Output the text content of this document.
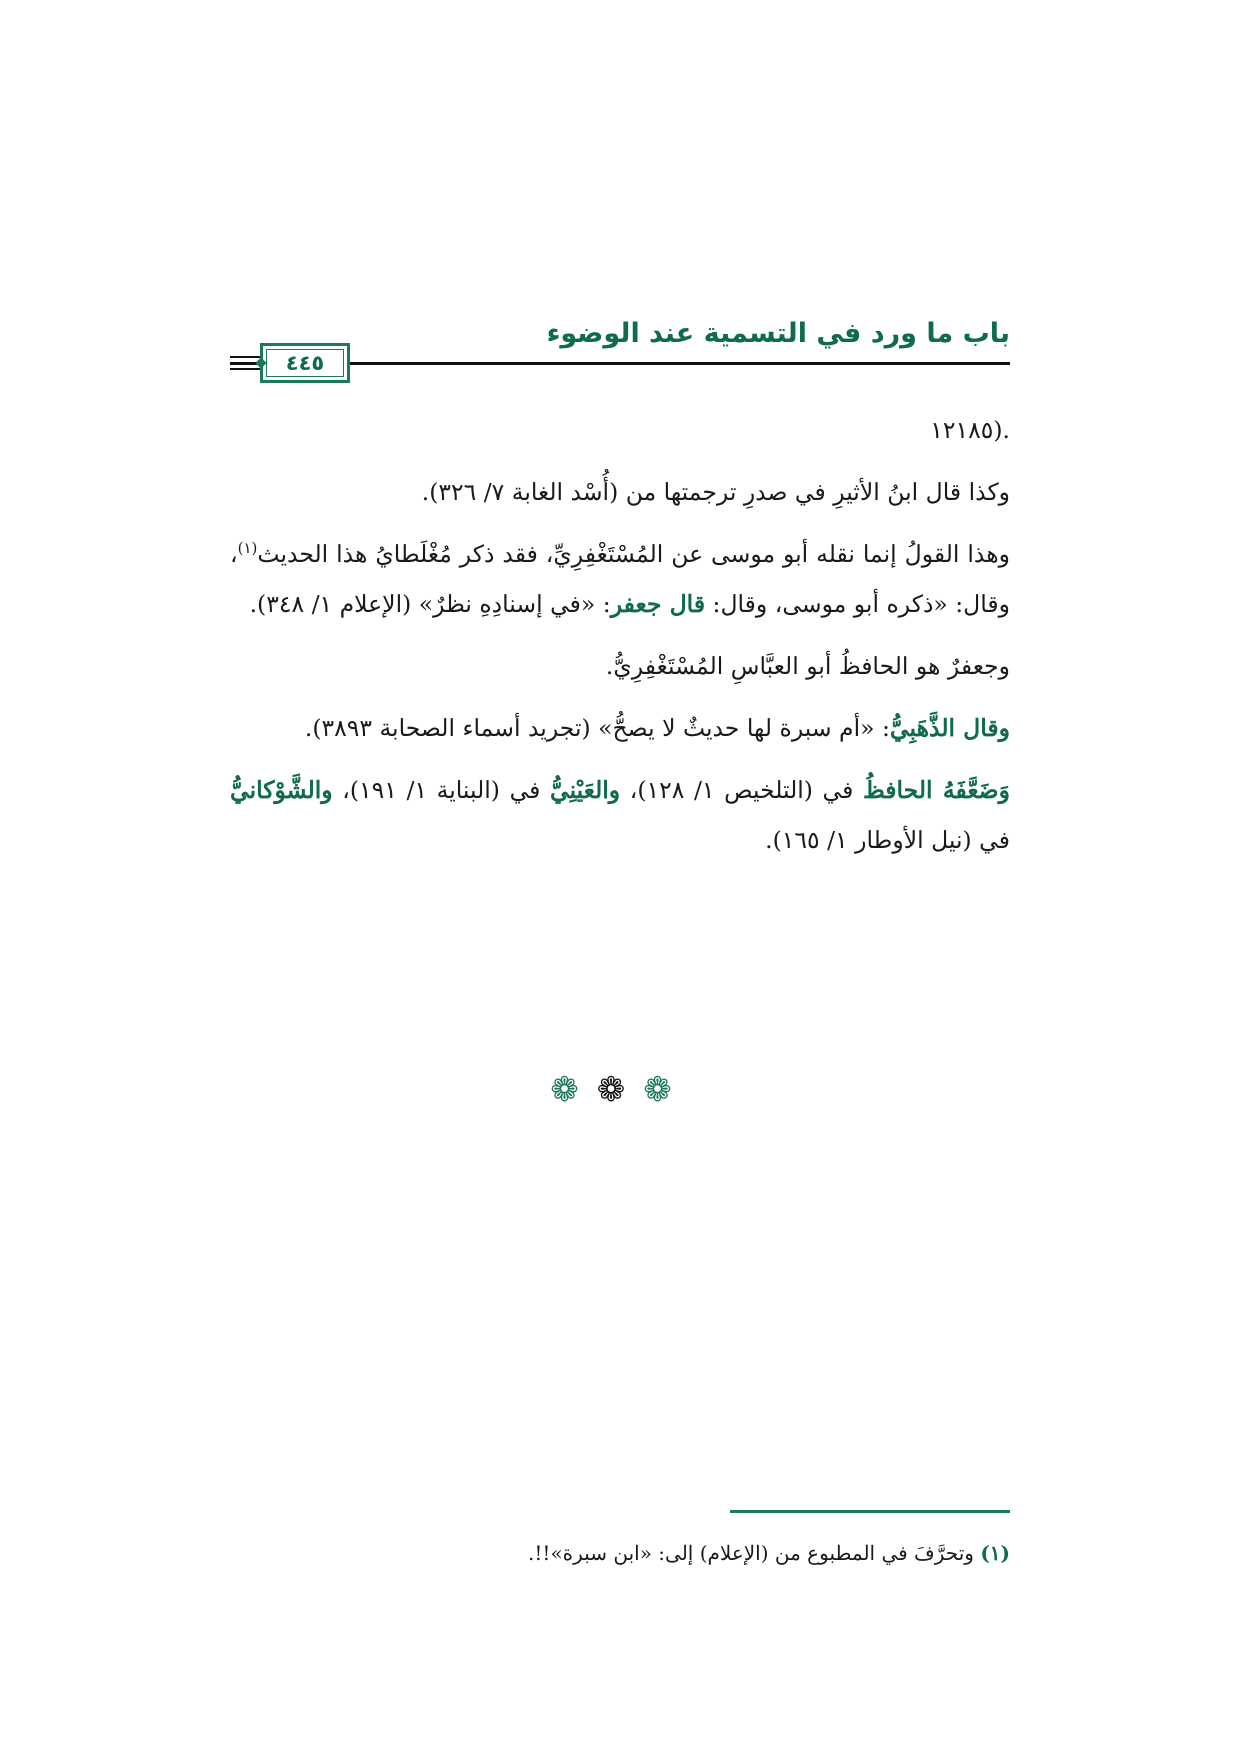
باب ما ورد في التسمية عند الوضوء
٤٤٥

.(١٢١٨٥

وكذا قال ابنُ الأثيرِ في صدرِ ترجمتها من (أُسْد الغابة ٧/ ٣٢٦).

وهذا القولُ إنما نقله أبو موسى عن المُسْتَغْفِرِيِّ، فقد ذكر مُغْلَطايُ هذا الحديث$^{(١)}$، وقال: «ذكره أبو موسى، وقال: قال جعفر: «في إسنادِهِ نظرٌ» (الإعلام ١/ ٣٤٨).

وجعفرٌ هو الحافظُ أبو العبَّاسِ المُسْتَغْفِرِيُّ.

وقال الذَّهَبِيُّ: «أم سبرة لها حديثٌ لا يصحُّ» (تجريد أسماء الصحابة ٣٨٩٣).

وَضَعَّفَهُ الحافظُ في (التلخيص ١/ ١٢٨)، والعَيْنِيُّ في (البناية ١/ ١٩١)، والشَّوْكانيُّ في (نيل الأوطار ١/ ١٦٥).

❁❁❁
(١) وتحرَّفَ في المطبوع من (الإعلام) إلى: «ابن سبرة»!!.
